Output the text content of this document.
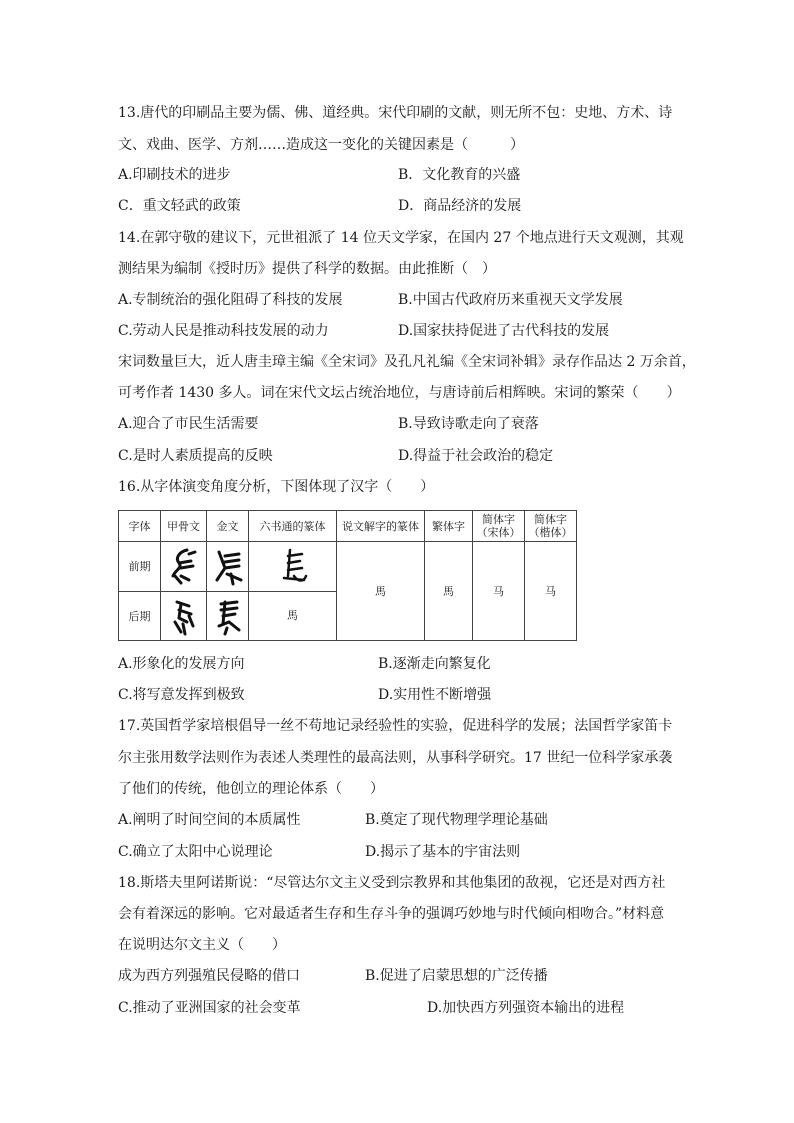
13.唐代的印刷品主要为儒、佛、道经典。宋代印刷的文献，则无所不包：史地、方术、诗
文、戏曲、医学、方剂……造成这一变化的关键因素是（　　　）
A.印刷技术的进步	B．文化教育的兴盛
C．重文轻武的政策	D．商品经济的发展
14.在郭守敬的建议下，元世祖派了 14 位天文学家，在国内 27 个地点进行天文观测，其观
测结果为编制《授时历》提供了科学的数据。由此推断（　）
A.专制统治的强化阻碍了科技的发展	B.中国古代政府历来重视天文学发展
C.劳动人民是推动科技发展的动力	D.国家扶持促进了古代科技的发展
宋词数量巨大，近人唐圭璋主编《全宋词》及孔凡礼编《全宋词补辑》录存作品达 2 万余首，
可考作者 1430 多人。词在宋代文坛占统治地位，与唐诗前后相辉映。宋词的繁荣（　　）
A.迎合了市民生活需要	B.导致诗歌走向了衰落
C.是时人素质提高的反映	D.得益于社会政治的稳定
16.从字体演变角度分析，下图体现了汉字（　　）
字体	甲骨文	金文	六书通的篆体	说文解字的篆体	繁体字	简体字（宋体）	简体字（楷体）
前期				馬	馬	马	马
后期			馬				
A.形象化的发展方向	B.逐渐走向繁复化
C.将写意发挥到极致	D.实用性不断增强
17.英国哲学家培根倡导一丝不苟地记录经验性的实验，促进科学的发展；法国哲学家笛卡
尔主张用数学法则作为表述人类理性的最高法则，从事科学研究。17 世纪一位科学家承袭
了他们的传统，他创立的理论体系（　　）
A.阐明了时间空间的本质属性	B.奠定了现代物理学理论基础
C.确立了太阳中心说理论	D.揭示了基本的宇宙法则
18.斯塔夫里阿诺斯说：“尽管达尔文主义受到宗教界和其他集团的敌视，它还是对西方社
会有着深远的影响。它对最适者生存和生存斗争的强调巧妙地与时代倾向相吻合。”材料意
在说明达尔文主义（　　）
成为西方列强殖民侵略的借口	B.促进了启蒙思想的广泛传播
C.推动了亚洲国家的社会变革	D.加快西方列强资本输出的进程
